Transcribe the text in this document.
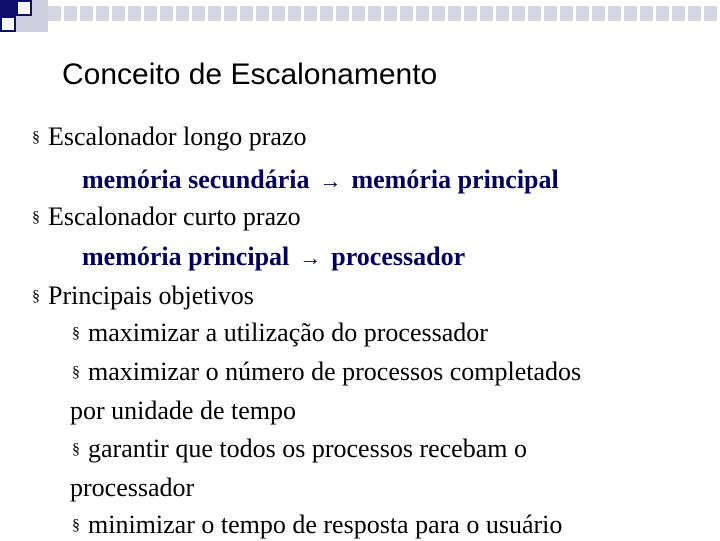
Conceito de Escalonamento
§ Escalonador longo prazo
memória secundária → memória principal
§ Escalonador curto prazo
memória principal → processador
§ Principais objetivos
§ maximizar a utilização do processador
§ maximizar o número de processos completados
por unidade de tempo
§ garantir que todos os processos recebam o
processador
§ minimizar o tempo de resposta para o usuário
